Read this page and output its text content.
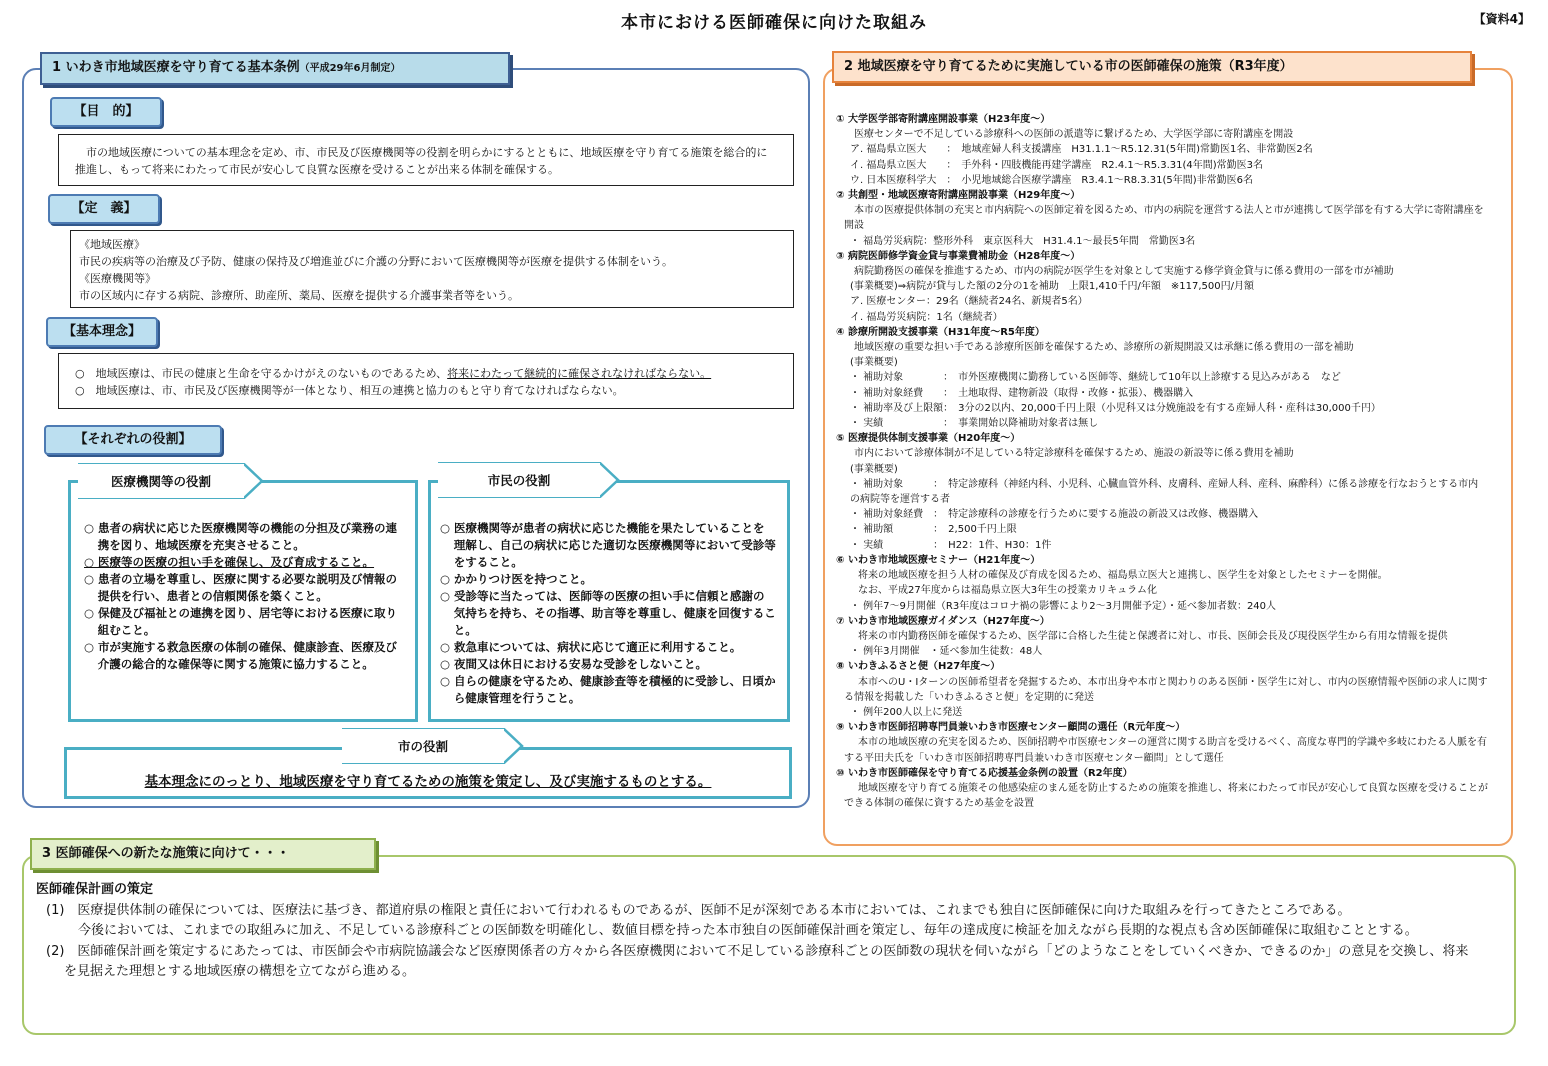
本市における医師確保に向けた取組み	【資料4】
1 いわき市地域医療を守り育てる基本条例（平成29年6月制定）
【目　的】

市の地域医療についての基本理念を定め、市、市民及び医療機関等の役割を明らかにするとともに、地域医療を守り育てる施策を総合的に推進し、もって将来にわたって市民が安心して良質な医療を受けることが出来る体制を確保する。

【定　義】

《地域医療》

市民の疾病等の治療及び予防、健康の保持及び増進並びに介護の分野において医療機関等が医療を提供する体制をいう。

《医療機関等》

市の区域内に存する病院、診療所、助産所、薬局、医療を提供する介護事業者等をいう。

【基本理念】

○　地域医療は、市民の健康と生命を守るかけがえのないものであるため、将来にわたって継続的に確保されなければならない。

○　地域医療は、市、市民及び医療機関等が一体となり、相互の連携と協力のもと守り育てなければならない。

【それぞれの役割】
医療機関等の役割

○ 患者の病状に応じた医療機関等の機能の分担及び業務の連携を図り、地域医療を充実させること。

○ 医療等の医療の担い手を確保し、及び育成すること。

○ 患者の立場を尊重し、医療に関する必要な説明及び情報の提供を行い、患者との信頼関係を築くこと。

○ 保健及び福祉との連携を図り、居宅等における医療に取り組むこと。

○ 市が実施する救急医療の体制の確保、健康診査、医療及び介護の総合的な確保等に関する施策に協力すること。

市民の役割

○ 医療機関等が患者の病状に応じた機能を果たしていることを理解し、自己の病状に応じた適切な医療機関等において受診等をすること。

○ かかりつけ医を持つこと。

○ 受診等に当たっては、医師等の医療の担い手に信頼と感謝の気持ちを持ち、その指導、助言等を尊重し、健康を回復すること。

○ 救急車については、病状に応じて適正に利用すること。

○ 夜間又は休日における安易な受診をしないこと。

○ 自らの健康を守るため、健康診査等を積極的に受診し、日頃から健康管理を行うこと。

市の役割
基本理念にのっとり、地域医療を守り育てるための施策を策定し、及び実施するものとする。
2 地域医療を守り育てるために実施している市の医師確保の施策（R3年度）
① 大学医学部寄附講座開設事業（H23年度〜）
医療センターで不足している診療科への医師の派遣等に繋げるため、大学医学部に寄附講座を開設
ア. 福島県立医大　　：　地域産婦人科支援講座　H31.1.1〜R5.12.31(5年間)常勤医1名、非常勤医2名
イ. 福島県立医大　　：　手外科・四肢機能再建学講座　R2.4.1〜R5.3.31(4年間)常勤医3名
ウ. 日本医療科学大　：　小児地域総合医療学講座　R3.4.1〜R8.3.31(5年間)非常勤医6名
② 共創型・地域医療寄附講座開設事業（H29年度〜）
本市の医療提供体制の充実と市内病院への医師定着を図るため、市内の病院を運営する法人と市が連携して医学部を有する大学に寄附講座を開設
・ 福島労災病院：整形外科　東京医科大　H31.4.1〜最長5年間　常勤医3名
③ 病院医師修学資金貸与事業費補助金（H28年度〜）
病院勤務医の確保を推進するため、市内の病院が医学生を対象として実施する修学資金貸与に係る費用の一部を市が補助
(事業概要)⇒病院が貸与した額の2分の1を補助　上限1,410千円/年額　※117,500円/月額
ア. 医療センター：29名（継続者24名、新規者5名）
イ. 福島労災病院：1名（継続者）
④ 診療所開設支援事業（H31年度〜R5年度）
地域医療の重要な担い手である診療所医師を確保するため、診療所の新規開設又は承継に係る費用の一部を補助
(事業概要)
・ 補助対象　　　　：　市外医療機関に勤務している医師等、継続して10年以上診療する見込みがある　など
・ 補助対象経費　　：　土地取得、建物新設（取得・改修・拡張）、機器購入
・ 補助率及び上限額：　3分の2以内、20,000千円上限（小児科又は分娩施設を有する産婦人科・産科は30,000千円）
・ 実績　　　　　　：　事業開始以降補助対象者は無し
⑤ 医療提供体制支援事業（H20年度〜）
市内において診療体制が不足している特定診療科を確保するため、施設の新設等に係る費用を補助
(事業概要)
・ 補助対象　　　：　特定診療科（神経内科、小児科、心臓血管外科、皮膚科、産婦人科、産科、麻酔科）に係る診療を行なおうとする市内の病院等を運営する者
・ 補助対象経費　：　特定診療科の診療を行うために要する施設の新設又は改修、機器購入
・ 補助額　　　　：　2,500千円上限
・ 実績　　　　　：　H22：1件、H30：1件
⑥ いわき市地域医療セミナー（H21年度〜）
将来の地域医療を担う人材の確保及び育成を図るため、福島県立医大と連携し、医学生を対象としたセミナーを開催。
なお、平成27年度からは福島県立医大3年生の授業カリキュラム化
・ 例年7〜9月開催（R3年度はコロナ禍の影響により2〜3月開催予定）・延べ参加者数：240人
⑦ いわき市地域医療ガイダンス（H27年度〜）
将来の市内勤務医師を確保するため、医学部に合格した生徒と保護者に対し、市長、医師会長及び現役医学生から有用な情報を提供
・ 例年3月開催　・延べ参加生徒数：48人
⑧ いわきふるさと便（H27年度〜）
本市へのU・Iターンの医師希望者を発掘するため、本市出身や本市と関わりのある医師・医学生に対し、市内の医療情報や医師の求人に関する情報を掲載した「いわきふるさと便」を定期的に発送
・ 例年200人以上に発送
⑨ いわき市医師招聘専門員兼いわき市医療センター顧問の選任（R元年度〜）
本市の地域医療の充実を図るため、医師招聘や市医療センターの運営に関する助言を受けるべく、高度な専門的学識や多岐にわたる人脈を有する平田夫氏を「いわき市医師招聘専門員兼いわき市医療センター顧問」として選任
⑩ いわき市医師確保を守り育てる応援基金条例の設置（R2年度）
地域医療を守り育てる施策その他感染症のまん延を防止するための施策を推進し、将来にわたって市民が安心して良質な医療を受けることができる体制の確保に資するため基金を設置
3 医師確保への新たな施策に向けて・・・
医師確保計画の策定

(1)　医療提供体制の確保については、医療法に基づき、都道府県の権限と責任において行われるものであるが、医師不足が深刻である本市においては、これまでも独自に医師確保に向けた取組みを行ってきたところである。

今後においては、これまでの取組みに加え、不足している診療科ごとの医師数を明確化し、数値目標を持った本市独自の医師確保計画を策定し、毎年の達成度に検証を加えながら長期的な視点も含め医師確保に取組むこととする。

(2)　医師確保計画を策定するにあたっては、市医師会や市病院協議会など医療関係者の方々から各医療機関において不足している診療科ごとの医師数の現状を伺いながら「どのようなことをしていくべきか、できるのか」の意見を交換し、将来を見据えた理想とする地域医療の構想を立てながら進める。
